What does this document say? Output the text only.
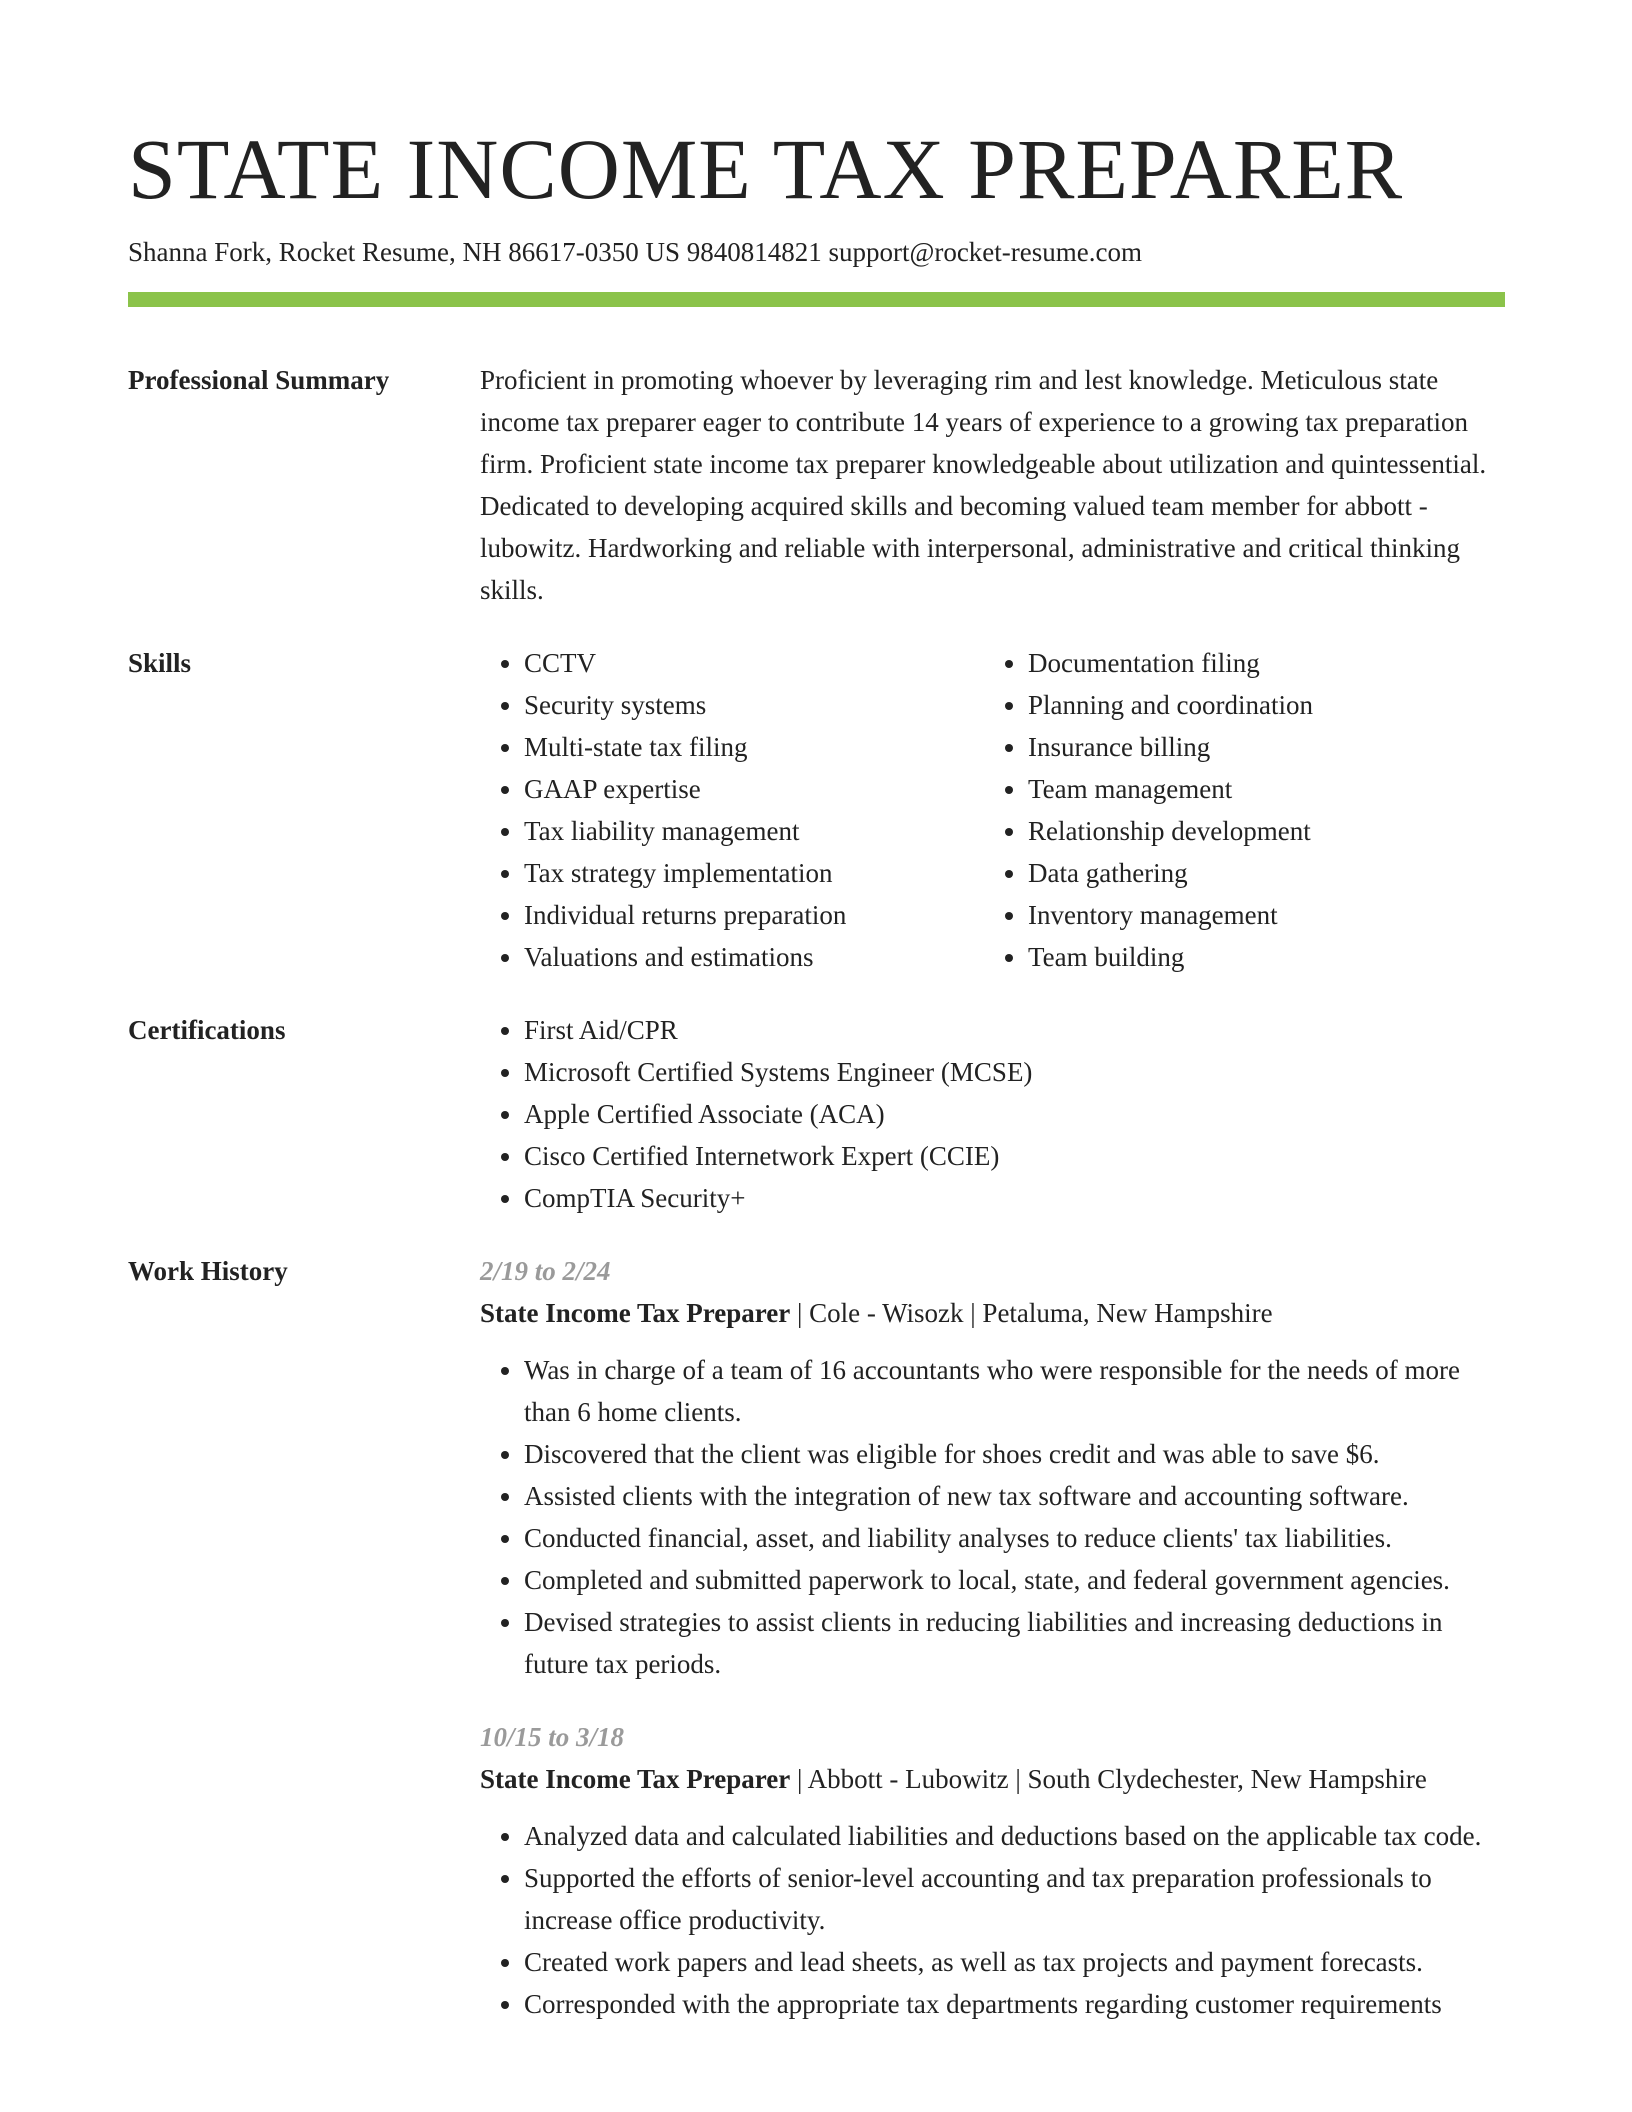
STATE INCOME TAX PREPARER
Shanna Fork, Rocket Resume, NH 86617-0350 US 9840814821 support@rocket-resume.com
Professional Summary	Proficient in promoting whoever by leveraging rim and lest knowledge. Meticulous state income tax preparer eager to contribute 14 years of experience to a growing tax preparation firm. Proficient state income tax preparer knowledgeable about utilization and quintessential. Dedicated to developing acquired skills and becoming valued team member for abbott - lubowitz. Hardworking and reliable with interpersonal, administrative and critical thinking skills.

Skills	• CCTV
• Security systems
• Multi-state tax filing
• GAAP expertise
• Tax liability management
• Tax strategy implementation
• Individual returns preparation
• Valuations and estimations
• Documentation filing
• Planning and coordination
• Insurance billing
• Team management
• Relationship development
• Data gathering
• Inventory management
• Team building
Certifications	• First Aid/CPR
• Microsoft Certified Systems Engineer (MCSE)
• Apple Certified Associate (ACA)
• Cisco Certified Internetwork Expert (CCIE)
• CompTIA Security+
Work History	2/19 to 2/24
State Income Tax Preparer | Cole - Wisozk | Petaluma, New Hampshire
• Was in charge of a team of 16 accountants who were responsible for the needs of more than 6 home clients.
• Discovered that the client was eligible for shoes credit and was able to save $6.
• Assisted clients with the integration of new tax software and accounting software.
• Conducted financial, asset, and liability analyses to reduce clients' tax liabilities.
• Completed and submitted paperwork to local, state, and federal government agencies.
• Devised strategies to assist clients in reducing liabilities and increasing deductions in future tax periods.
10/15 to 3/18
State Income Tax Preparer | Abbott - Lubowitz | South Clydechester, New Hampshire
• Analyzed data and calculated liabilities and deductions based on the applicable tax code.
• Supported the efforts of senior-level accounting and tax preparation professionals to increase office productivity.
• Created work papers and lead sheets, as well as tax projects and payment forecasts.
• Corresponded with the appropriate tax departments regarding customer requirements
